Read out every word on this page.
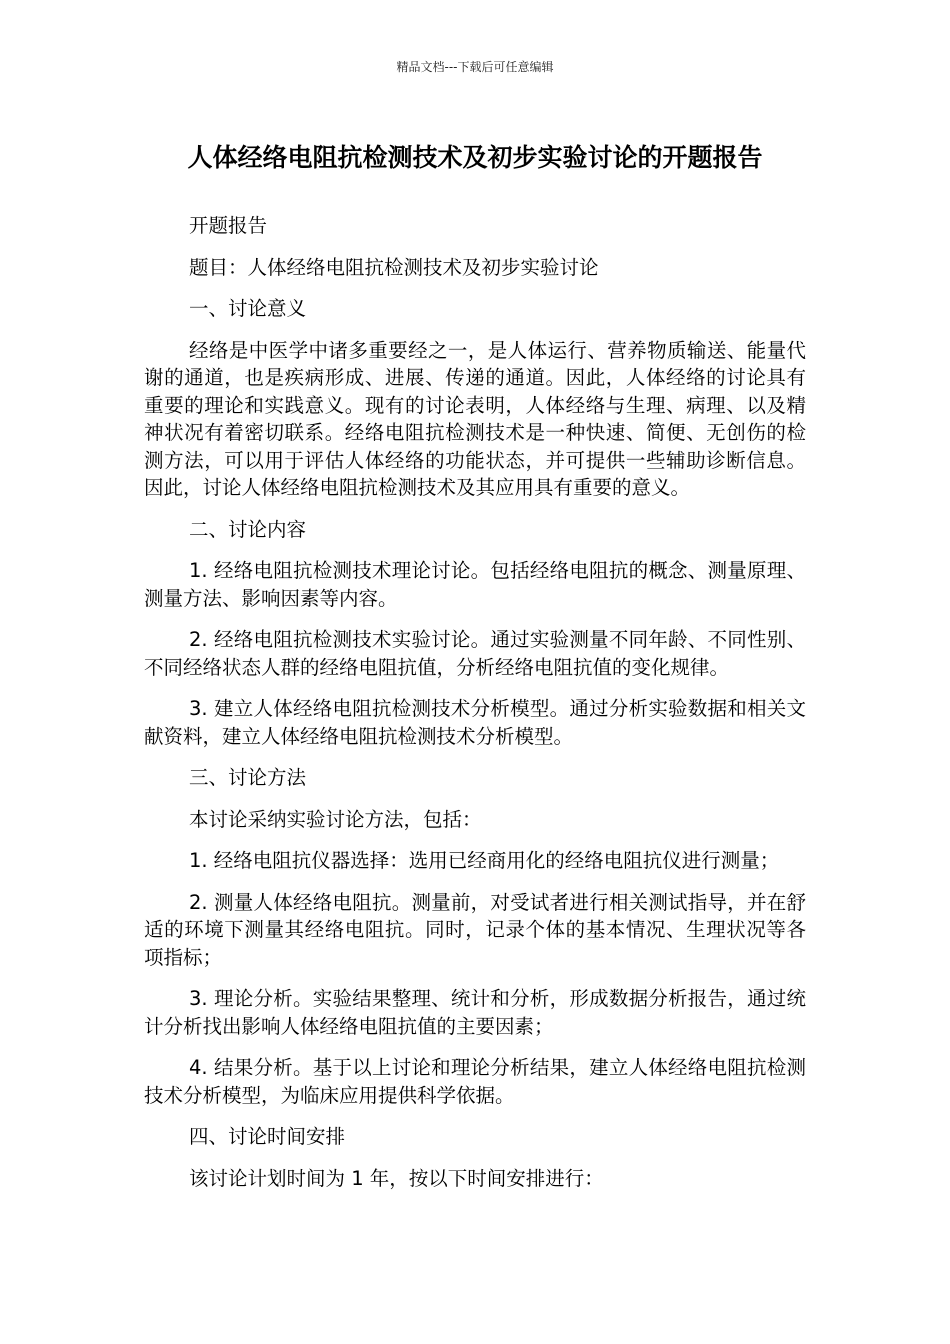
精品文档---下载后可任意编辑
人体经络电阻抗检测技术及初步实验讨论的开题报告

开题报告

题目：人体经络电阻抗检测技术及初步实验讨论

一、讨论意义

经络是中医学中诸多重要经之一，是人体运行、营养物质输送、能量代谢的通道，也是疾病形成、进展、传递的通道。因此，人体经络的讨论具有重要的理论和实践意义。现有的讨论表明，人体经络与生理、病理、以及精神状况有着密切联系。经络电阻抗检测技术是一种快速、简便、无创伤的检测方法，可以用于评估人体经络的功能状态，并可提供一些辅助诊断信息。因此，讨论人体经络电阻抗检测技术及其应用具有重要的意义。

二、讨论内容

1. 经络电阻抗检测技术理论讨论。包括经络电阻抗的概念、测量原理、测量方法、影响因素等内容。

2. 经络电阻抗检测技术实验讨论。通过实验测量不同年龄、不同性别、不同经络状态人群的经络电阻抗值，分析经络电阻抗值的变化规律。

3. 建立人体经络电阻抗检测技术分析模型。通过分析实验数据和相关文献资料，建立人体经络电阻抗检测技术分析模型。

三、讨论方法

本讨论采纳实验讨论方法，包括：

1. 经络电阻抗仪器选择：选用已经商用化的经络电阻抗仪进行测量；

2. 测量人体经络电阻抗。测量前，对受试者进行相关测试指导，并在舒适的环境下测量其经络电阻抗。同时，记录个体的基本情况、生理状况等各项指标；

3. 理论分析。实验结果整理、统计和分析，形成数据分析报告，通过统计分析找出影响人体经络电阻抗值的主要因素；

4. 结果分析。基于以上讨论和理论分析结果，建立人体经络电阻抗检测技术分析模型，为临床应用提供科学依据。

四、讨论时间安排

该讨论计划时间为 1 年，按以下时间安排进行：
